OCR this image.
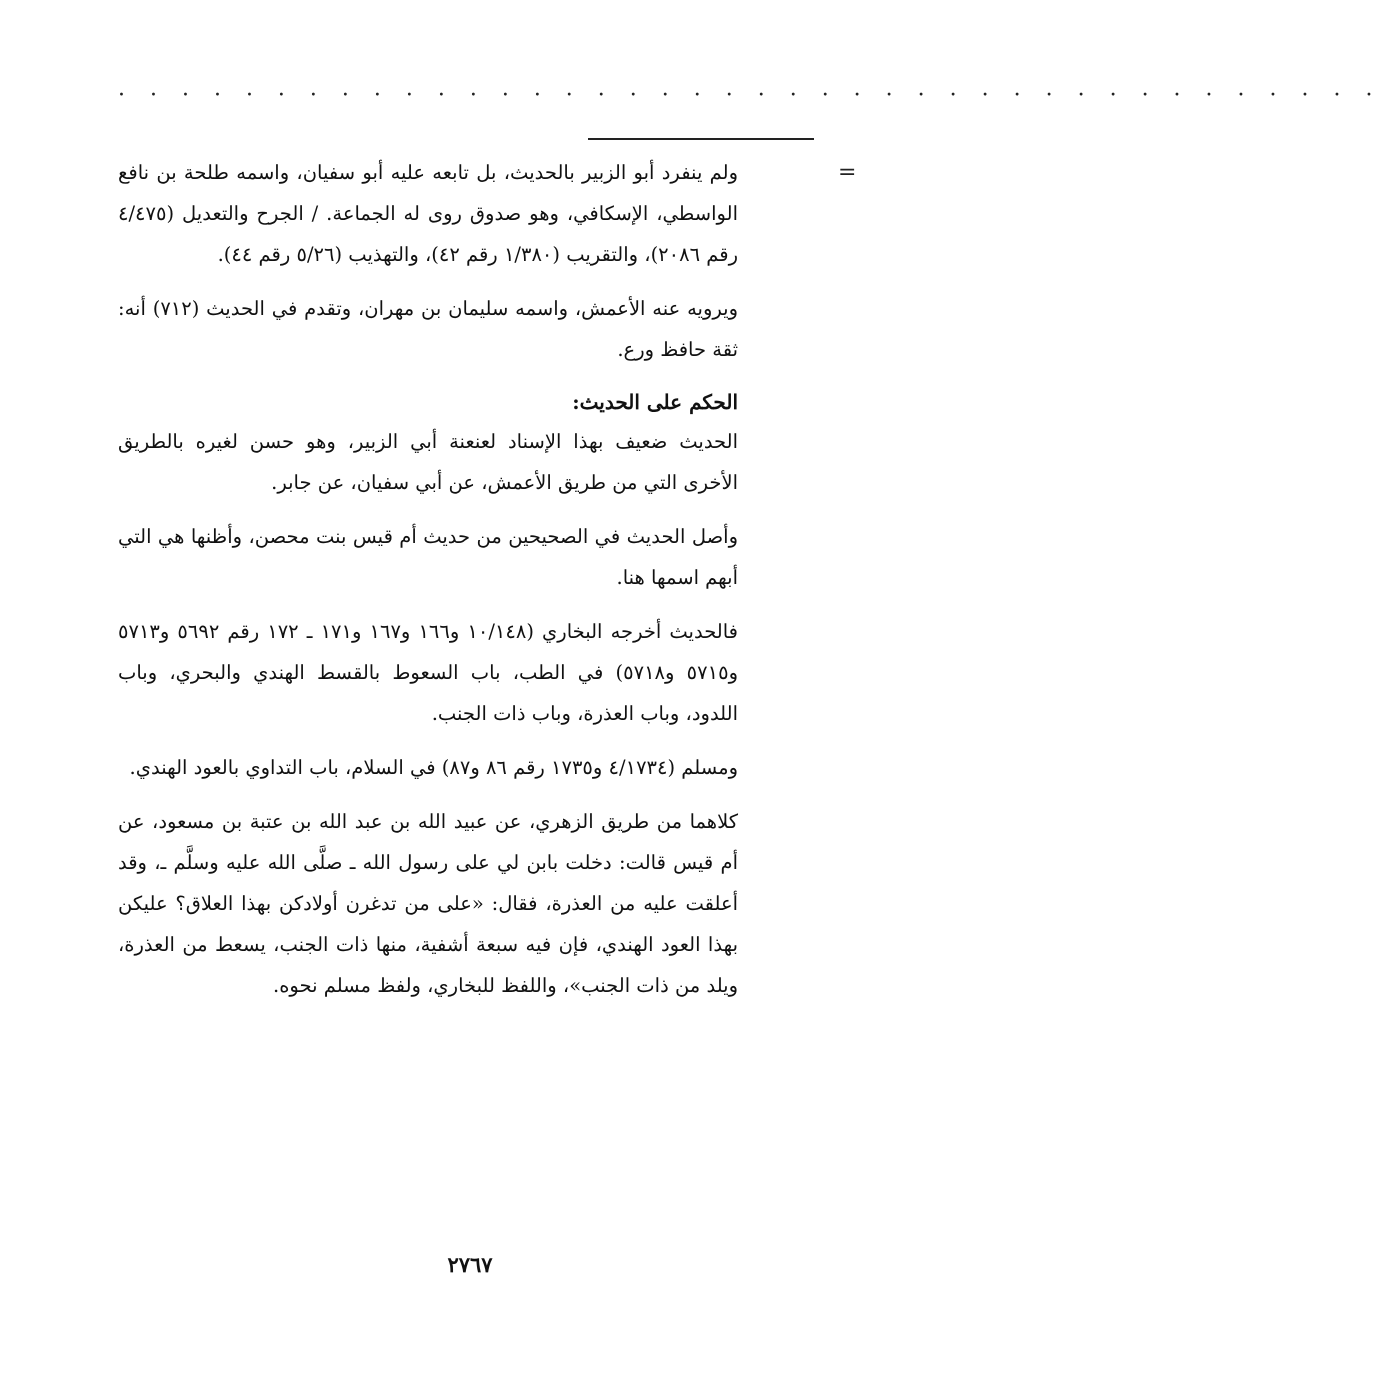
· · · · · · · · · · · · · · · · · · · · · · · · · · · · · · · · · · · · · · · ·
=

ولم ينفرد أبو الزبير بالحديث، بل تابعه عليه أبو سفيان، واسمه طلحة بن نافع الواسطي، الإسكافي، وهو صدوق روى له الجماعة. / الجرح والتعديل (٤/٤٧٥ رقم ٢٠٨٦)، والتقريب (١/٣٨٠ رقم ٤٢)، والتهذيب (٥/٢٦ رقم ٤٤).

ويرويه عنه الأعمش، واسمه سليمان بن مهران، وتقدم في الحديث (٧١٢) أنه: ثقة حافظ ورع.

الحكم على الحديث:

الحديث ضعيف بهذا الإسناد لعنعنة أبي الزبير، وهو حسن لغيره بالطريق الأخرى التي من طريق الأعمش، عن أبي سفيان، عن جابر.

وأصل الحديث في الصحيحين من حديث أم قيس بنت محصن، وأظنها هي التي أبهم اسمها هنا.

فالحديث أخرجه البخاري (١٠/١٤٨ و١٦٦ و١٦٧ و١٧١ ـ ١٧٢ رقم ٥٦٩٢ و٥٧١٣ و٥٧١٥ و٥٧١٨) في الطب، باب السعوط بالقسط الهندي والبحري، وباب اللدود، وباب العذرة، وباب ذات الجنب.

ومسلم (٤/١٧٣٤ و١٧٣٥ رقم ٨٦ و٨٧) في السلام، باب التداوي بالعود الهندي.

كلاهما من طريق الزهري، عن عبيد الله بن عبد الله بن عتبة بن مسعود، عن أم قيس قالت: دخلت بابن لي على رسول الله ـ صلَّى الله عليه وسلَّم ـ، وقد أعلقت عليه من العذرة، فقال: «على من تدغرن أولادكن بهذا العلاق؟ عليكن بهذا العود الهندي، فإن فيه سبعة أشفية، منها ذات الجنب، يسعط من العذرة، ويلد من ذات الجنب»، واللفظ للبخاري، ولفظ مسلم نحوه.

٢٧٦٧
